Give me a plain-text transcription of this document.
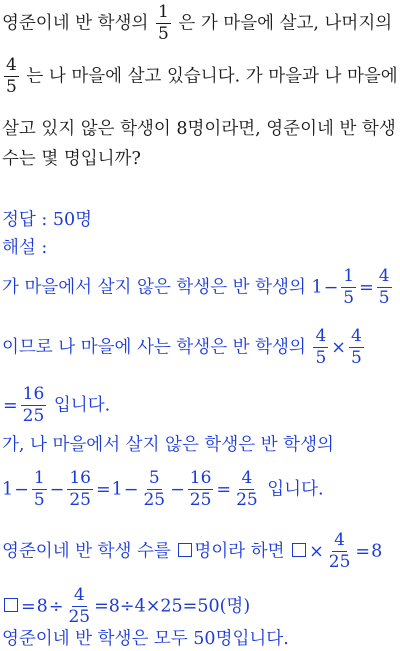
영준이네 반 학생의 $\frac{1}{5}$ 은 가 마을에 살고, 나머지의
$\frac{4}{5}$ 는 나 마을에 살고 있습니다. 가 마을과 나 마을에
살고 있지 않은 학생이 8명이라면, 영준이네 반 학생
수는 몇 명입니까?
정답 : 50명
해설 :
가 마을에서 살지 않은 학생은 반 학생의 $1- \frac{1}{5} = \frac{4}{5}$
이므로 나 마을에 사는 학생은 반 학생의 $\frac{4}{5} \times \frac{4}{5}$
= $\frac{16}{25}$ 입니다.
가, 나 마을에서 살지 않은 학생은 반 학생의
$1- \frac{1}{5} - \frac{16}{25} =1- \frac{5}{25} - \frac{16}{25} = \frac{4}{25}$ 입니다.
영준이네 반 학생 수를 명이라 하면 × $\frac{4}{25} =8$
$=8\div \frac{4}{25} =8\div 4\times 25=50$(명)
영준이네 반 학생은 모두 50명입니다.
